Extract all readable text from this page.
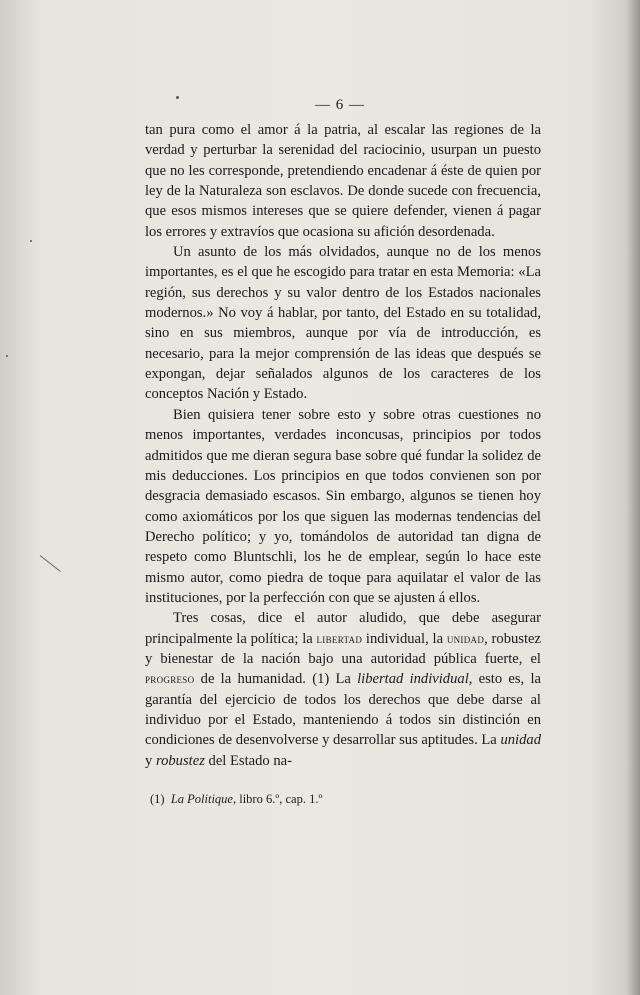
— 6 —

tan pura como el amor á la patria, al escalar las regiones de la verdad y perturbar la serenidad del raciocinio, usurpan un puesto que no les corresponde, pretendiendo encadenar á éste de quien por ley de la Naturaleza son esclavos. De donde sucede con frecuencia, que esos mismos intereses que se quiere defender, vienen á pagar los errores y extravíos que ocasiona su afición desordenada.

Un asunto de los más olvidados, aunque no de los menos importantes, es el que he escogido para tratar en esta Memoria: «La región, sus derechos y su valor dentro de los Estados nacionales modernos.» No voy á hablar, por tanto, del Estado en su totalidad, sino en sus miembros, aunque por vía de introducción, es necesario, para la mejor comprensión de las ideas que después se expongan, dejar señalados algunos de los caracteres de los conceptos Nación y Estado.

Bien quisiera tener sobre esto y sobre otras cuestiones no menos importantes, verdades inconcusas, principios por todos admitidos que me dieran segura base sobre qué fundar la solidez de mis deducciones. Los principios en que todos convienen son por desgracia demasiado escasos. Sin embargo, algunos se tienen hoy como axiomáticos por los que siguen las modernas tendencias del Derecho político; y yo, tomándolos de autoridad tan digna de respeto como Bluntschli, los he de emplear, según lo hace este mismo autor, como piedra de toque para aquilatar el valor de las instituciones, por la perfección con que se ajusten á ellos.

Tres cosas, dice el autor aludido, que debe asegurar principalmente la política; la libertad individual, la unidad, robustez y bienestar de la nación bajo una autoridad pública fuerte, el progreso de la humanidad. (1) La libertad individual, esto es, la garantía del ejercicio de todos los derechos que debe darse al individuo por el Estado, manteniendo á todos sin distinción en condiciones de desenvolverse y desarrollar sus aptitudes. La unidad y robustez del Estado na-

(1) La Politique, libro 6.º, cap. 1.º
